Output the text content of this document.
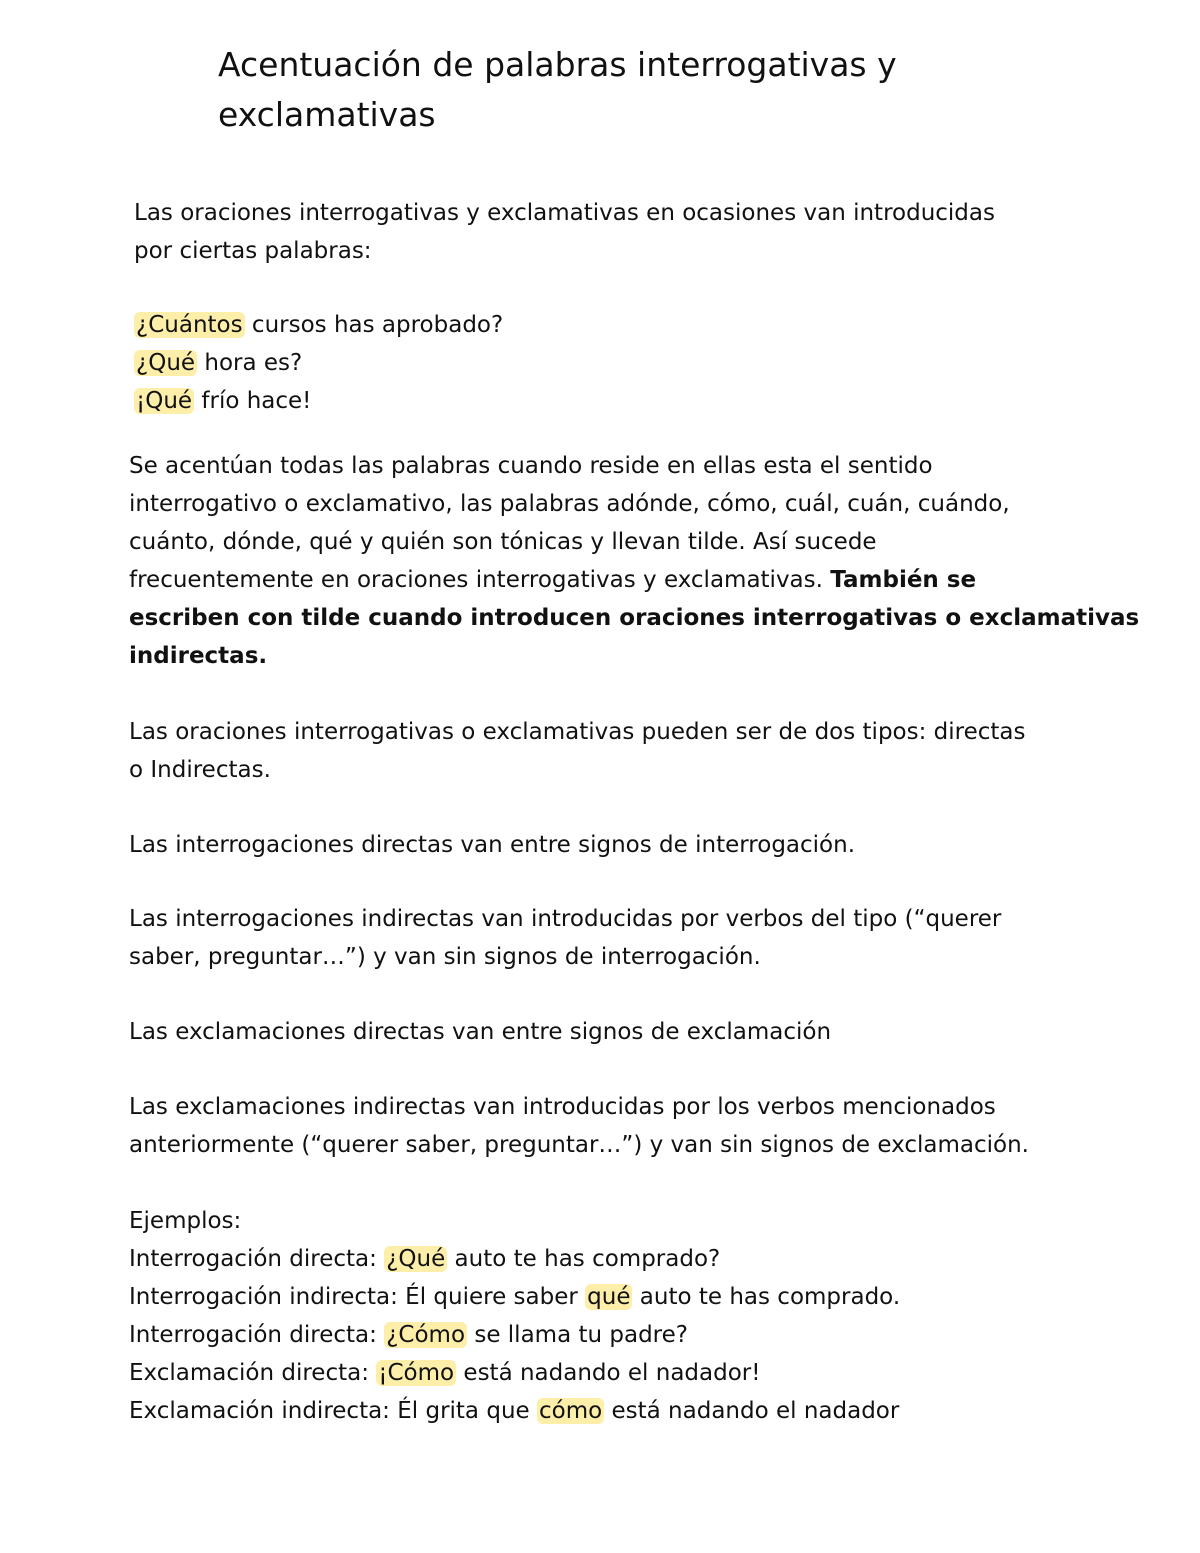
Acentuación de palabras interrogativas y
exclamativas
Las oraciones interrogativas y exclamativas en ocasiones van introducidas
por ciertas palabras:
¿Cuántos cursos has aprobado?
¿Qué hora es?
¡Qué frío hace!
Se acentúan todas las palabras cuando reside en ellas esta el sentido
interrogativo o exclamativo, las palabras adónde, cómo, cuál, cuán, cuándo,
cuánto, dónde, qué y quién son tónicas y llevan tilde. Así sucede
frecuentemente en oraciones interrogativas y exclamativas. También se
escriben con tilde cuando introducen oraciones interrogativas o exclamativas
indirectas.
Las oraciones interrogativas o exclamativas pueden ser de dos tipos: directas
o Indirectas.
Las interrogaciones directas van entre signos de interrogación.
Las interrogaciones indirectas van introducidas por verbos del tipo (“querer
saber, preguntar…”) y van sin signos de interrogación.
Las exclamaciones directas van entre signos de exclamación
Las exclamaciones indirectas van introducidas por los verbos mencionados
anteriormente (“querer saber, preguntar…”) y van sin signos de exclamación.
Ejemplos:
Interrogación directa: ¿Qué auto te has comprado?
Interrogación indirecta: Él quiere saber qué auto te has comprado.
Interrogación directa: ¿Cómo se llama tu padre?
Exclamación directa: ¡Cómo está nadando el nadador!
Exclamación indirecta: Él grita que cómo está nadando el nadador
